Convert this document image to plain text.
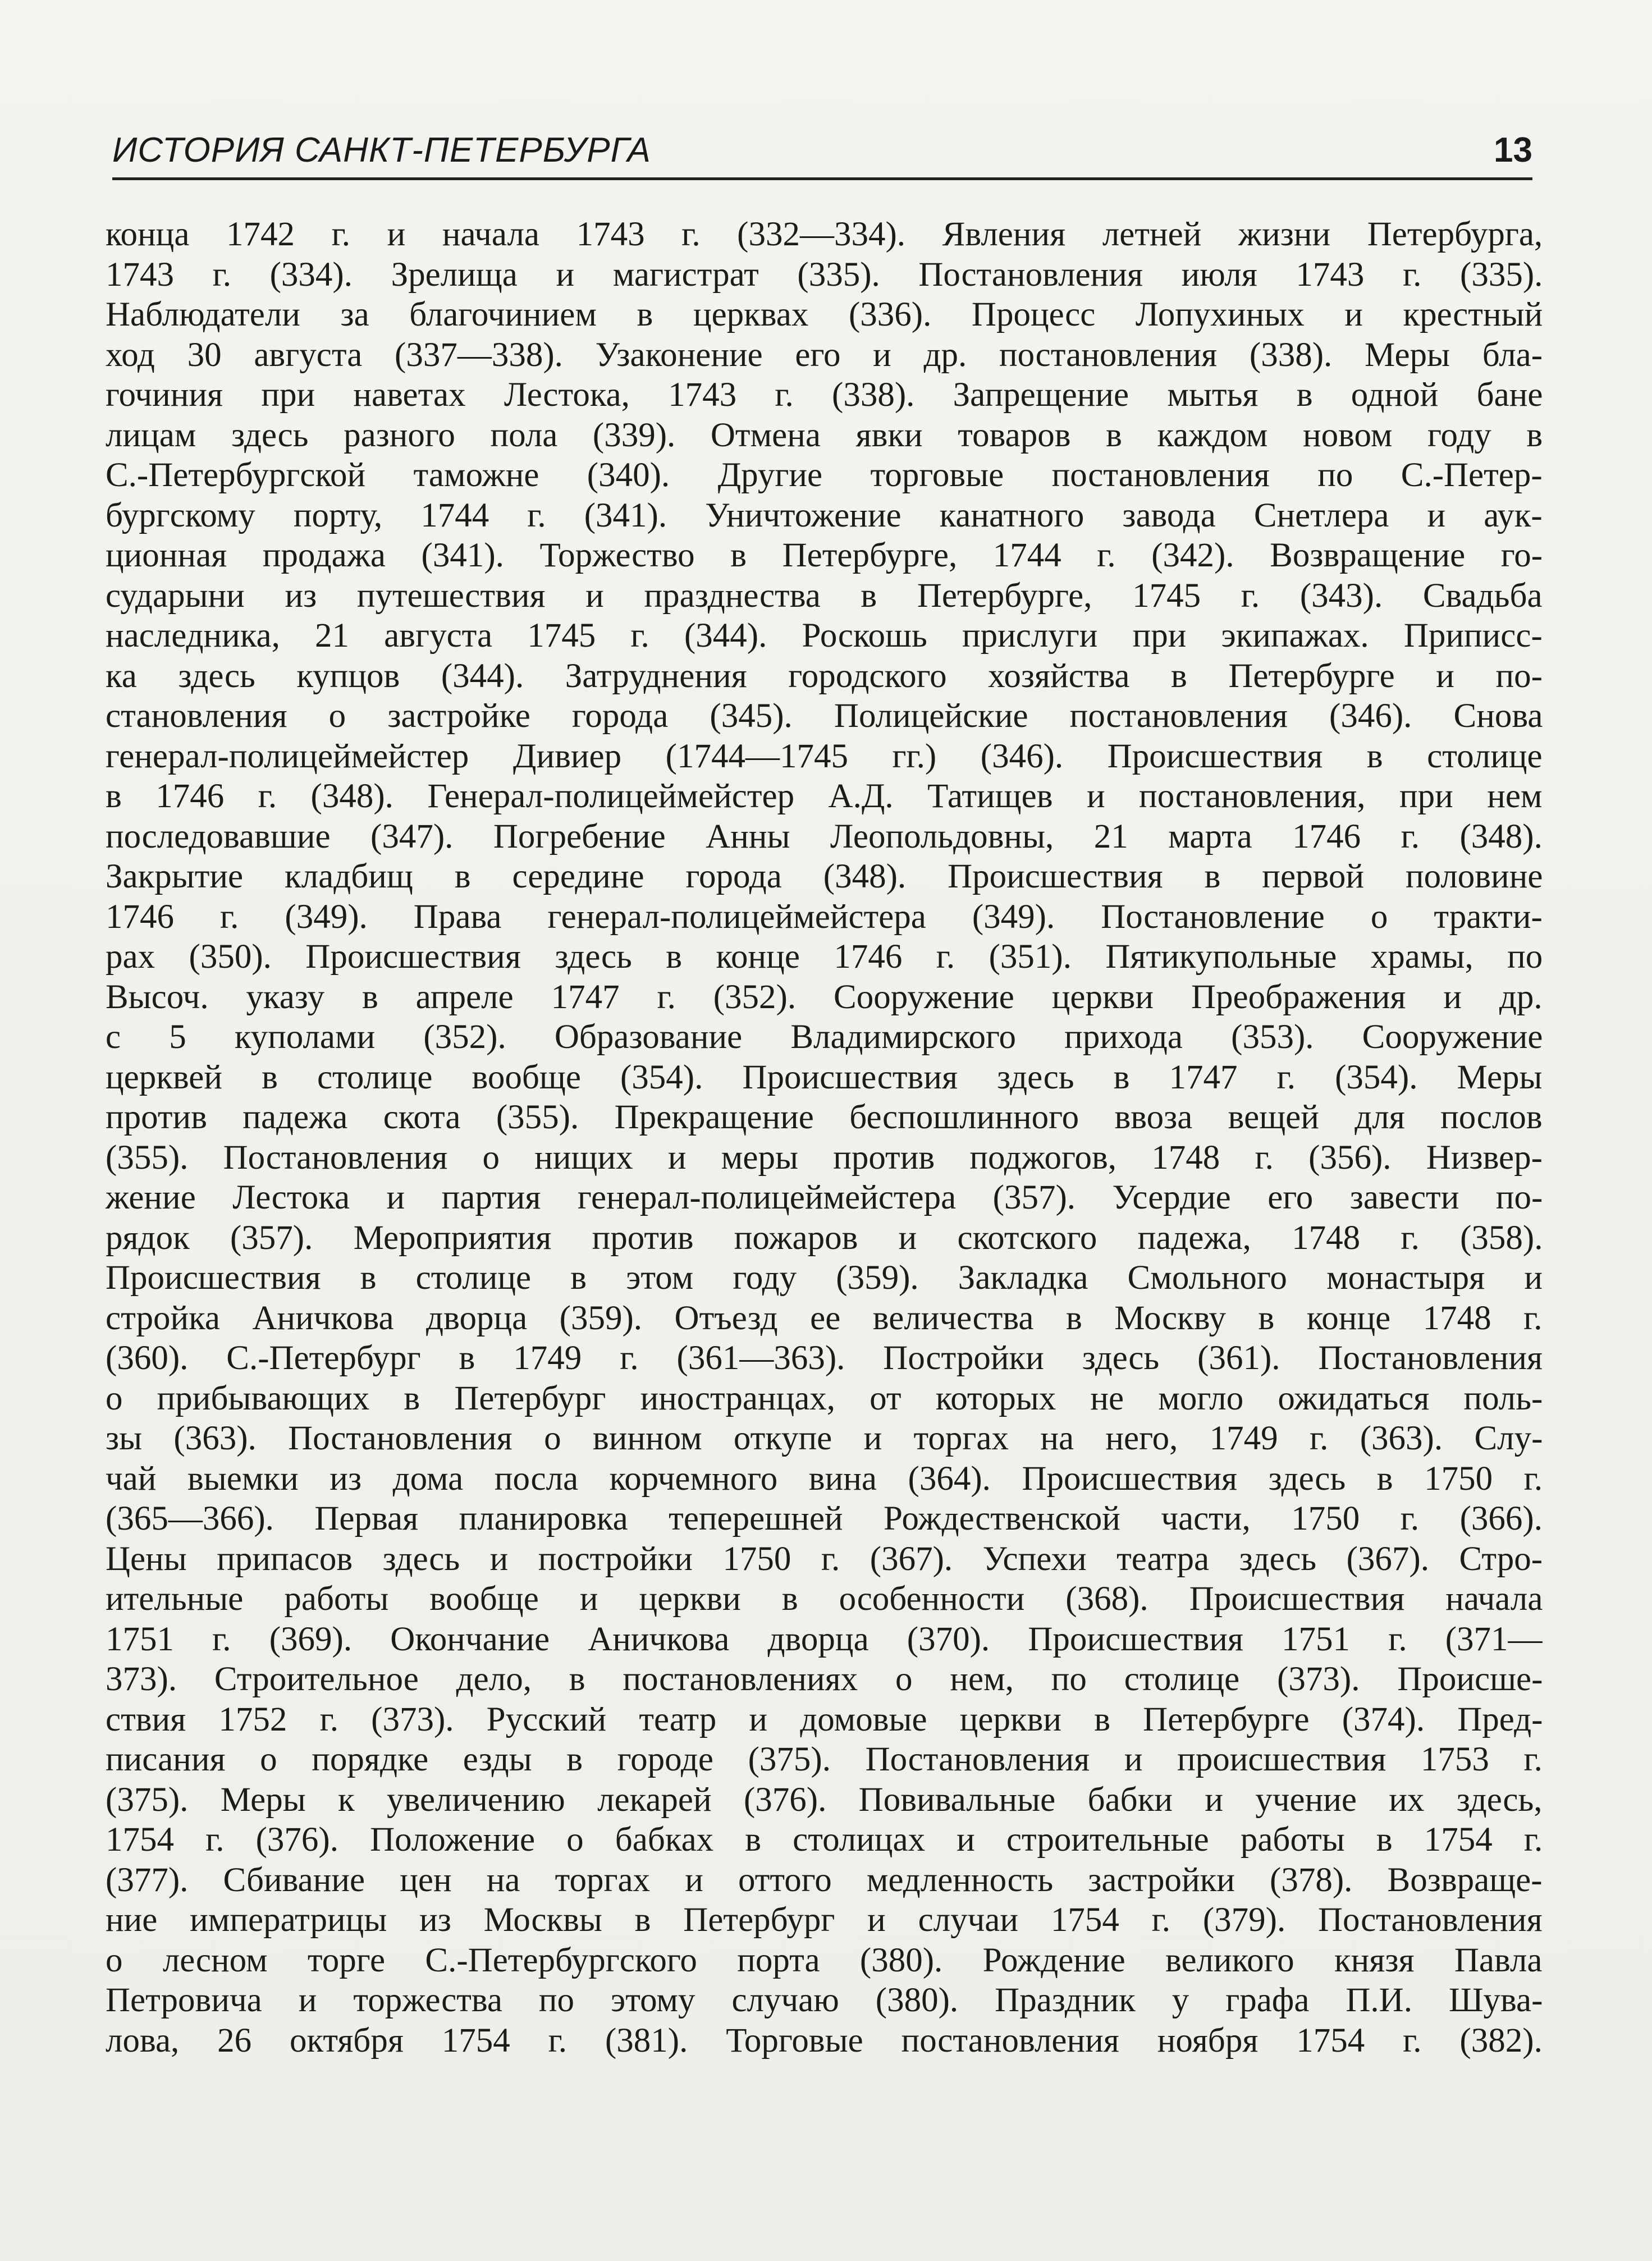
ИСТОРИЯ САНКТ-ПЕТЕРБУРГА	13
конца 1742 г. и начала 1743 г. (332—334). Явления летней жизни Петербурга,
1743 г. (334). Зрелища и магистрат (335). Постановления июля 1743 г. (335).
Наблюдатели за благочинием в церквах (336). Процесс Лопухиных и крестный
ход 30 августа (337—338). Узаконение его и др. постановления (338). Меры бла-
гочиния при наветах Лестока, 1743 г. (338). Запрещение мытья в одной бане
лицам здесь разного пола (339). Отмена явки товаров в каждом новом году в
С.-Петербургской таможне (340). Другие торговые постановления по С.-Петер-
бургскому порту, 1744 г. (341). Уничтожение канатного завода Снетлера и аук-
ционная продажа (341). Торжество в Петербурге, 1744 г. (342). Возвращение го-
сударыни из путешествия и празднества в Петербурге, 1745 г. (343). Свадьба
наследника, 21 августа 1745 г. (344). Роскошь прислуги при экипажах. Приписс-
ка здесь купцов (344). Затруднения городского хозяйства в Петербурге и по-
становления о застройке города (345). Полицейские постановления (346). Снова
генерал-полицеймейстер Дивиер (1744—1745 гг.) (346). Происшествия в столице
в 1746 г. (348). Генерал-полицеймейстер А.Д. Татищев и постановления, при нем
последовавшие (347). Погребение Анны Леопольдовны, 21 марта 1746 г. (348).
Закрытие кладбищ в середине города (348). Происшествия в первой половине
1746 г. (349). Права генерал-полицеймейстера (349). Постановление о тракти-
рах (350). Происшествия здесь в конце 1746 г. (351). Пятикупольные храмы, по
Высоч. указу в апреле 1747 г. (352). Сооружение церкви Преображения и др.
с 5 куполами (352). Образование Владимирского прихода (353). Сооружение
церквей в столице вообще (354). Происшествия здесь в 1747 г. (354). Меры
против падежа скота (355). Прекращение беспошлинного ввоза вещей для послов
(355). Постановления о нищих и меры против поджогов, 1748 г. (356). Низвер-
жение Лестока и партия генерал-полицеймейстера (357). Усердие его завести по-
рядок (357). Мероприятия против пожаров и скотского падежа, 1748 г. (358).
Происшествия в столице в этом году (359). Закладка Смольного монастыря и
стройка Аничкова дворца (359). Отъезд ее величества в Москву в конце 1748 г.
(360). С.-Петербург в 1749 г. (361—363). Постройки здесь (361). Постановления
о прибывающих в Петербург иностранцах, от которых не могло ожидаться поль-
зы (363). Постановления о винном откупе и торгах на него, 1749 г. (363). Слу-
чай выемки из дома посла корчемного вина (364). Происшествия здесь в 1750 г.
(365—366). Первая планировка теперешней Рождественской части, 1750 г. (366).
Цены припасов здесь и постройки 1750 г. (367). Успехи театра здесь (367). Стро-
ительные работы вообще и церкви в особенности (368). Происшествия начала
1751 г. (369). Окончание Аничкова дворца (370). Происшествия 1751 г. (371—
373). Строительное дело, в постановлениях о нем, по столице (373). Происше-
ствия 1752 г. (373). Русский театр и домовые церкви в Петербурге (374). Пред-
писания о порядке езды в городе (375). Постановления и происшествия 1753 г.
(375). Меры к увеличению лекарей (376). Повивальные бабки и учение их здесь,
1754 г. (376). Положение о бабках в столицах и строительные работы в 1754 г.
(377). Сбивание цен на торгах и оттого медленность застройки (378). Возвраще-
ние императрицы из Москвы в Петербург и случаи 1754 г. (379). Постановления
о лесном торге С.-Петербургского порта (380). Рождение великого князя Павла
Петровича и торжества по этому случаю (380). Праздник у графа П.И. Шува-
лова, 26 октября 1754 г. (381). Торговые постановления ноября 1754 г. (382).
